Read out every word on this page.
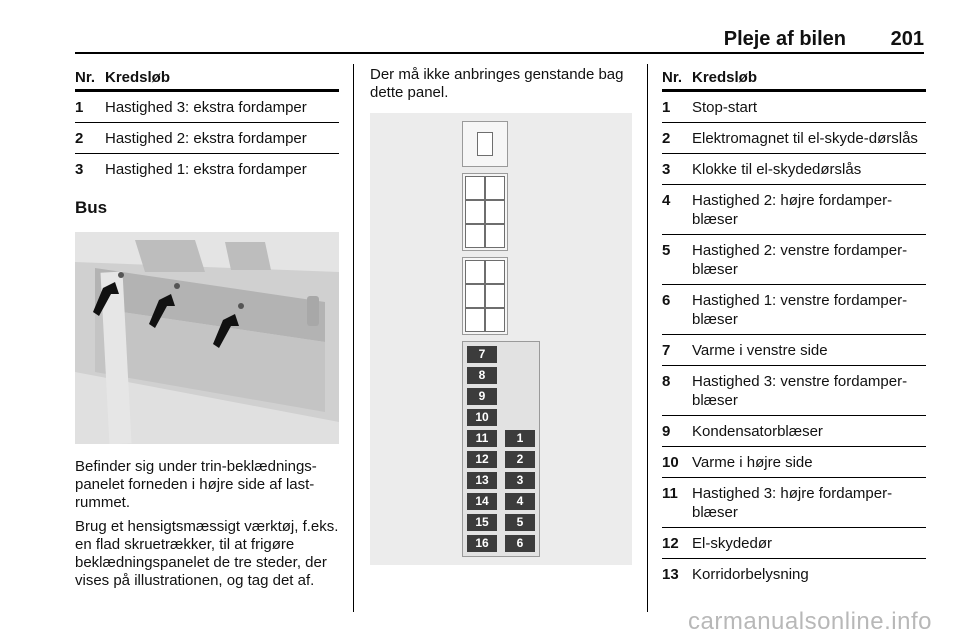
Pleje af bilen 201
Nr. Kredsløb
1	Hastighed 3: ekstra fordamper
2	Hastighed 2: ekstra fordamper
3	Hastighed 1: ekstra fordamper
Bus

Befinder sig under trin-beklædnings-panelet forneden i højre side af last-rummet.

Brug et hensigtsmæssigt værktøj, f.eks. en flad skruetrækker, til at frigøre beklædningspanelet de tre steder, der vises på illustrationen, og tag det af.

Der må ikke anbringes genstande bag dette panel.

7
8
9
10
11
12
13
14
15
16
1
2
3
4
5
6
Nr. Kredsløb
1	Stop-start
2	Elektromagnet til el-skyde-dørslås
3	Klokke til el-skydedørslås
4	Hastighed 2: højre fordamper-blæser
5	Hastighed 2: venstre fordamper-blæser
6	Hastighed 1: venstre fordamper-blæser
7	Varme i venstre side
8	Hastighed 3: venstre fordamper-blæser
9	Kondensatorblæser
10 Varme i højre side
11 Hastighed 3: højre fordamper-blæser
12 El-skydedør
13 Korridorbelysning
carmanualsonline.info
